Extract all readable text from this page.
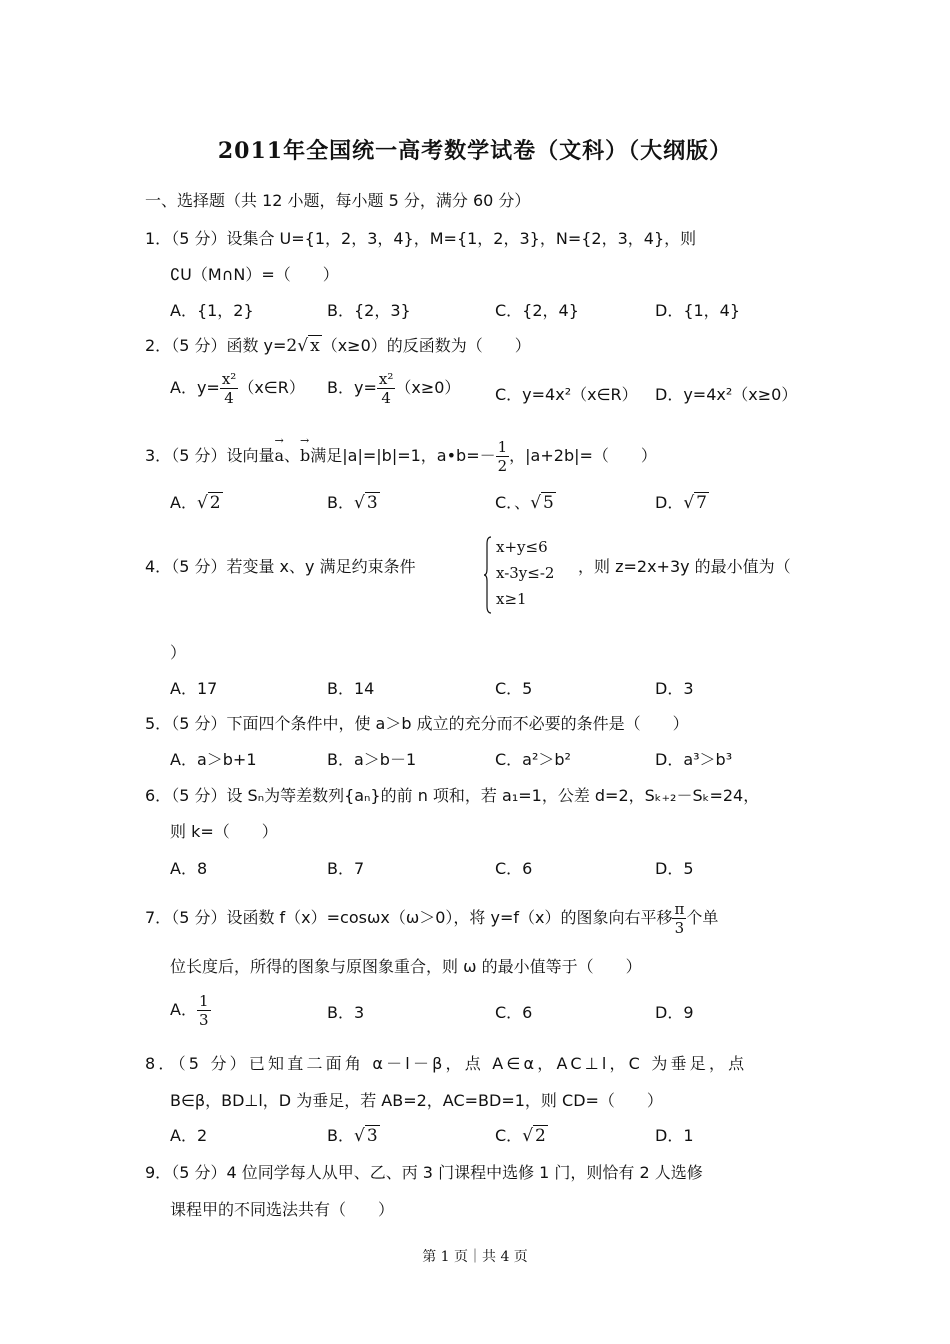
2011年全国统一高考数学试卷（文科）（大纲版）
一、选择题（共 12 小题，每小题 5 分，满分 60 分）
1．（5 分）设集合 U={1，2，3，4}，M={1，2，3}，N={2，3，4}，则
∁U（M∩N）=（　　）
A．{1，2}	B．{2，3}	C．{2，4}	D．{1，4}
2．（5 分）函数 y=2√ x （x≥0）的反函数为（　　）
A．$y= \frac{\text{x²}}{4}$ （x∈R） B．$y= \frac{\text{x²}}{4} (x\ge 0)$ C．y=4x²（x∈R） D．y=4x²（x≥0）
3．（5 分）设向量→ a、→ b满足|a|=|b|=1，a•b=－ $\frac{1}{2}$ ，|a+2b|=（　　）
A．√ 2	B．√ 3	C．、√ 5	D．√ 7
4．（5 分）若变量 x、y 满足约束条件
x+y≤6
x-3y≤-2
x≥1
，则 z=2x+3y 的最小值为（
）
A．17	B．14	C．5	D．3
5．（5 分）下面四个条件中，使 a＞b 成立的充分而不必要的条件是（　　）
A．a＞b+1	B．a＞b－1	C．a²＞b²	D．a³＞b³
6．（5 分）设 Sₙ为等差数列{aₙ}的前 n 项和，若 a₁=1，公差 d=2，Sₖ₊₂－Sₖ=24，
则 k=（　　）
A．8	B．7	C．6	D．5
7．（5 分）设函数 f（x）=cosωx（ω＞0），将 y=f（x）的图象向右平移 $\frac{\pi}{3}$ 个单
位长度后，所得的图象与原图象重合，则 ω 的最小值等于（　　）
A． $\frac{1}{3}$	B．3	C．6	D．9
8．（5 分）已知直二面角 α－l－β，点 A∈α，AC⊥l，C 为垂足，点
B∈β，BD⊥l，D 为垂足，若 AB=2，AC=BD=1，则 CD=（　　）
A．2	B．√ 3	C．√ 2	D．1
9．（5 分）4 位同学每人从甲、乙、丙 3 门课程中选修 1 门，则恰有 2 人选修
课程甲的不同选法共有（　　）
第 1 页｜共 4 页
